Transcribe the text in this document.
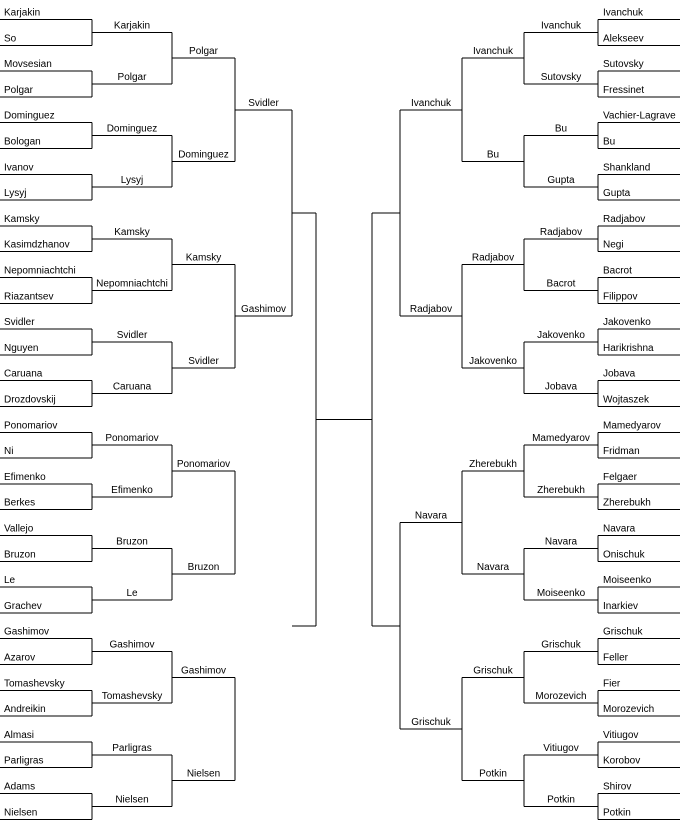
Karjakin
So
Movsesian
Polgar
Dominguez
Bologan
Ivanov
Lysyj
Kamsky
Kasimdzhanov
Nepomniachtchi
Riazantsev
Svidler
Nguyen
Caruana
Drozdovskij
Ponomariov
Ni
Efimenko
Berkes
Vallejo
Bruzon
Le
Grachev
Gashimov
Azarov
Tomashevsky
Andreikin
Almasi
Parligras
Adams
Nielsen
Karjakin
Polgar
Dominguez
Lysyj
Kamsky
Nepomniachtchi
Svidler
Caruana
Ponomariov
Efimenko
Bruzon
Le
Gashimov
Tomashevsky
Parligras
Nielsen
Polgar
Dominguez
Kamsky
Svidler
Ponomariov
Bruzon
Gashimov
Nielsen
Svidler
Gashimov
Ivanchuk
Alekseev
Sutovsky
Fressinet
Vachier-Lagrave
Bu
Shankland
Gupta
Radjabov
Negi
Bacrot
Filippov
Jakovenko
Harikrishna
Jobava
Wojtaszek
Mamedyarov
Fridman
Felgaer
Zherebukh
Navara
Onischuk
Moiseenko
Inarkiev
Grischuk
Feller
Fier
Morozevich
Vitiugov
Korobov
Shirov
Potkin
Ivanchuk
Sutovsky
Bu
Gupta
Radjabov
Bacrot
Jakovenko
Jobava
Mamedyarov
Zherebukh
Navara
Moiseenko
Grischuk
Morozevich
Vitiugov
Potkin
Ivanchuk
Bu
Radjabov
Jakovenko
Zherebukh
Navara
Grischuk
Potkin
Ivanchuk
Radjabov
Navara
Grischuk
